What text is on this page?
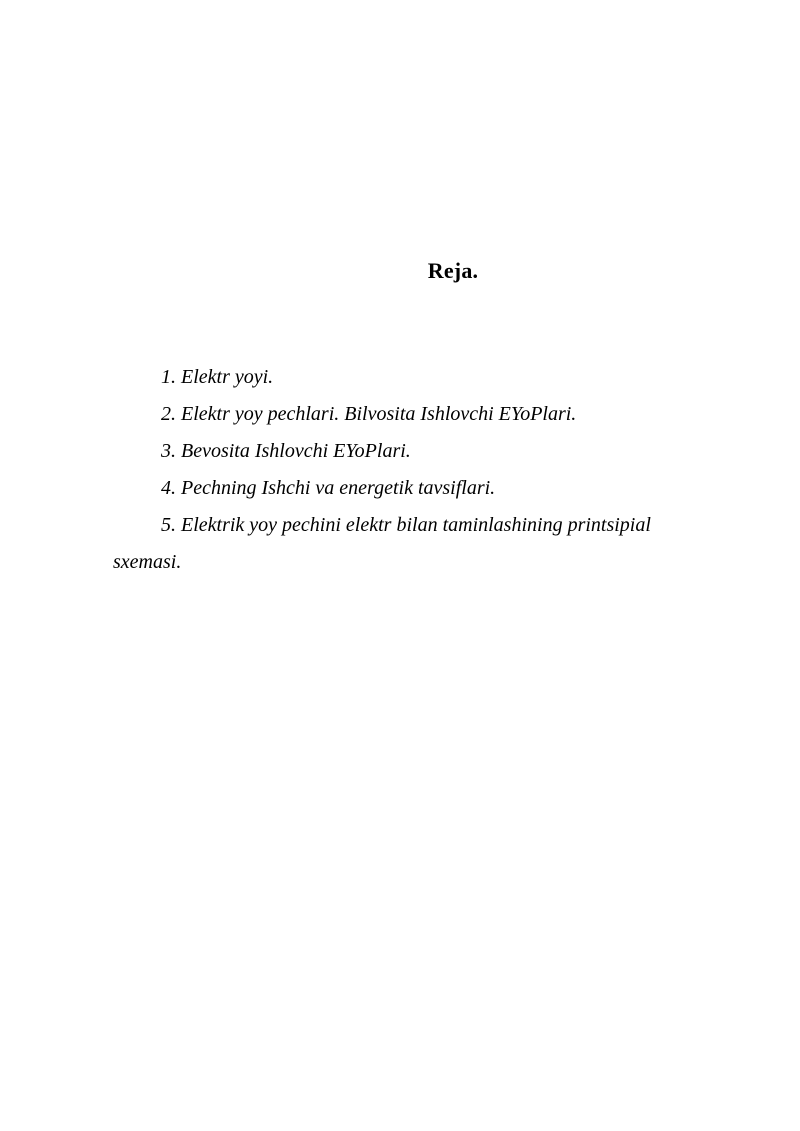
Reja.
1. Elektr yoyi.
2. Elektr yoy pechlari. Bilvosita Ishlovchi EYoPlari.
3. Bevosita Ishlovchi EYoPlari.
4. Pechning Ishchi va energetik tavsiflari.
5. Elektrik yoy pechini elektr bilan taminlashining printsipial sxemasi.
